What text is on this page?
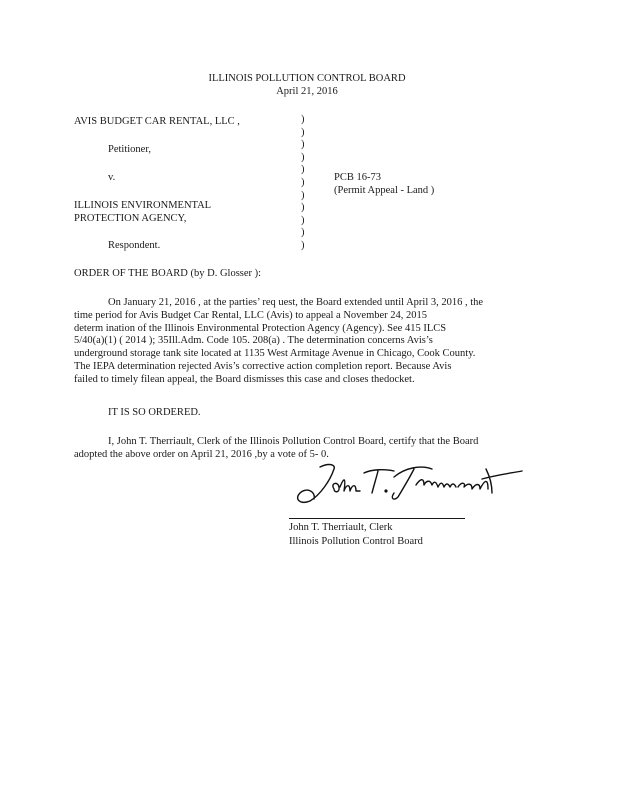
ILLINOIS POLLUTION CONTROL BOARD
April 21, 2016
AVIS BUDGET CAR RENTAL, LLC ,
Petitioner,
v.
ILLINOIS ENVIRONMENTAL
PROTECTION AGENCY,
Respondent.
)
)
)
)
)
)
)
)
)
)
)
PCB 16-73
(Permit Appeal - Land )
ORDER OF THE BOARD (by D. Glosser ):
On January 21, 2016 , at the parties’ req uest, the Board extended until April 3, 2016 , the
time period for Avis Budget Car Rental, LLC (Avis) to appeal a November 24, 2015
determ ination of the Illinois Environmental Protection Agency (Agency). See 415 ILCS
5/40(a)(1) ( 2014 ); 35Ill.Adm. Code 105. 208(a) . The determination concerns Avis’s
underground storage tank site located at 1135 West Armitage Avenue in Chicago, Cook County.
The IEPA determination rejected Avis’s corrective action completion report. Because Avis
failed to timely filean appeal, the Board dismisses this case and closes thedocket.
IT IS SO ORDERED.
I, John T. Therriault, Clerk of the Illinois Pollution Control Board, certify that the Board
adopted the above order on April 21, 2016 ,by a vote of 5- 0.
John T. Therriault, Clerk
Illinois Pollution Control Board
